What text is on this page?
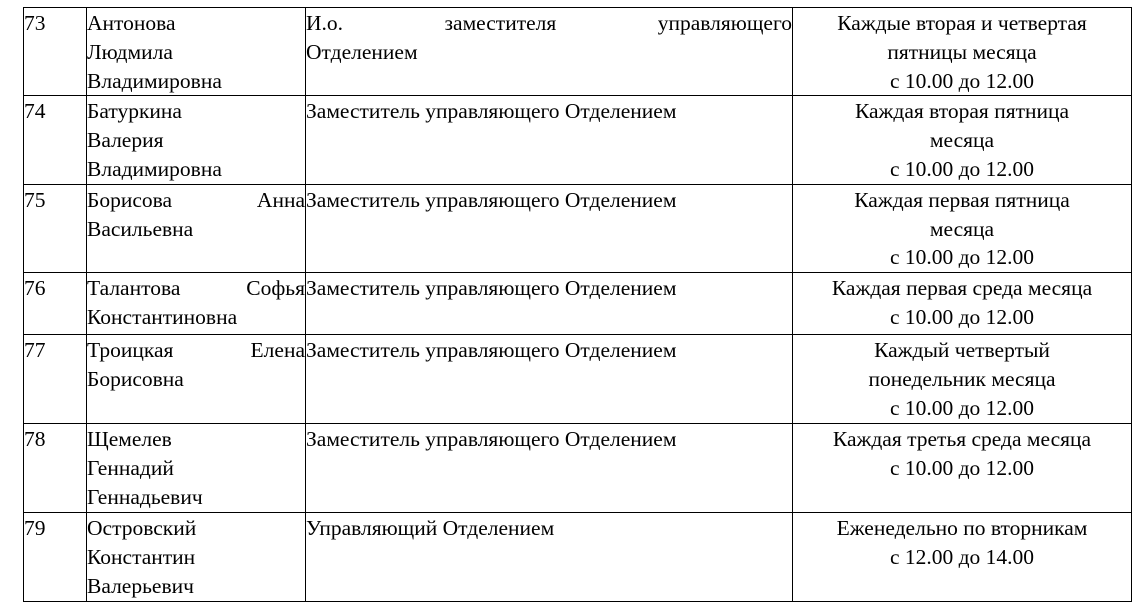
73	Антонова
Людмила
Владимировна	И.о. заместителя управляющего
Отделением	Каждые вторая и четвертая
пятницы месяца
с 10.00 до 12.00

74	Батуркина
Валерия
Владимировна	Заместитель управляющего Отделением	Каждая вторая пятница
месяца
с 10.00 до 12.00

75	Борисова Анна
Васильевна	Заместитель управляющего Отделением	Каждая первая пятница
месяца
с 10.00 до 12.00

76	Талантова Софья
Константиновна	Заместитель управляющего Отделением	Каждая первая среда месяца
с 10.00 до 12.00

77	Троицкая Елена
Борисовна	Заместитель управляющего Отделением	Каждый четвертый
понедельник месяца
с 10.00 до 12.00

78	Щемелев
Геннадий
Геннадьевич	Заместитель управляющего Отделением	Каждая третья среда месяца
с 10.00 до 12.00

79	Островский
Константин
Валерьевич	Управляющий Отделением	Еженедельно по вторникам
с 12.00 до 14.00
